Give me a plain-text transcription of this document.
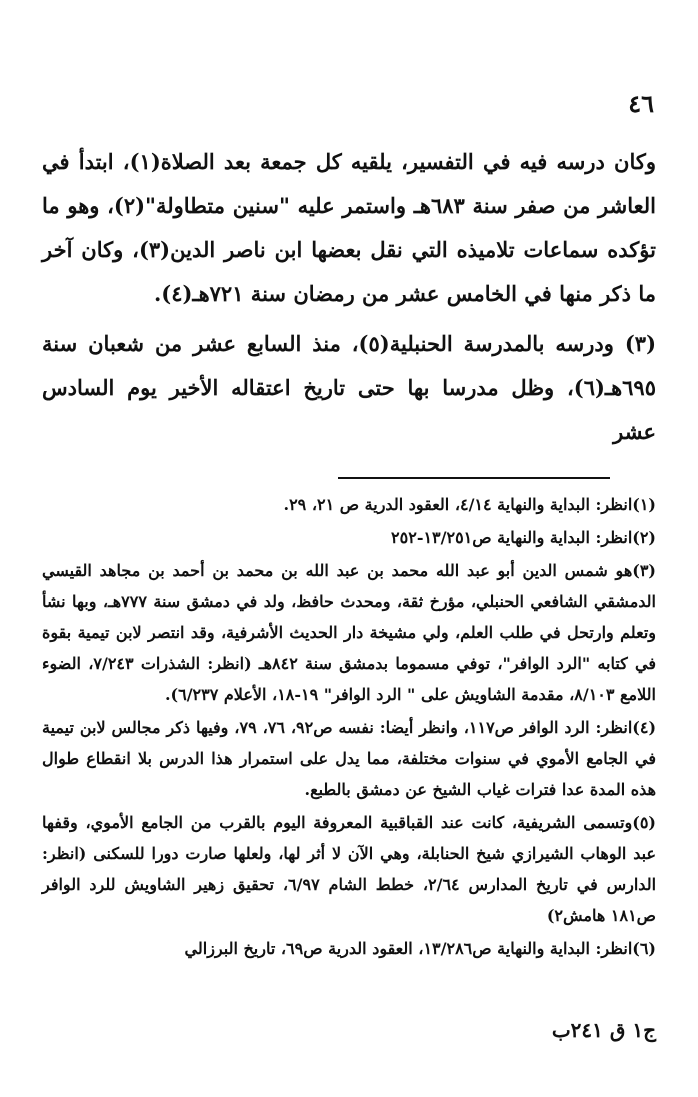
٤٦

وكان درسه فيه في التفسير، يلقيه كل جمعة بعد الصلاة(١)، ابتدأ في العاشر من صفر سنة ٦٨٣هـ واستمر عليه "سنين متطاولة"(٢)، وهو ما تؤكده سماعات تلاميذه التي نقل بعضها ابن ناصر الدين(٣)، وكان آخر ما ذكر منها في الخامس عشر من رمضان سنة ٧٢١هـ(٤).

(٣) ودرسه بالمدرسة الحنبلية(٥)، منذ السابع عشر من شعبان سنة ٦٩٥هـ(٦)، وظل مدرسا بها حتى تاريخ اعتقاله الأخير يوم السادس عشر

(١)انظر: البداية والنهاية ٤/١٤، العقود الدرية ص ٢١، ٢٩.

(٢)انظر: البداية والنهاية ص١٣/٢٥١-٢٥٢

(٣)هو شمس الدين أبو عبد الله محمد بن عبد الله بن محمد بن أحمد بن مجاهد القيسي الدمشقي الشافعي الحنبلي، مؤرخ ثقة، ومحدث حافظ، ولد في دمشق سنة ٧٧٧هـ، وبها نشأ وتعلم وارتحل في طلب العلم، ولي مشيخة دار الحديث الأشرفية، وقد انتصر لابن تيمية بقوة في كتابه "الرد الوافر"، توفي مسموما بدمشق سنة ٨٤٢هـ (انظر: الشذرات ٧/٢٤٣، الضوء اللامع ٨/١٠٣، مقدمة الشاويش على " الرد الوافر" ١٩-١٨، الأعلام ٦/٢٣٧).

(٤)انظر: الرد الوافر ص١١٧، وانظر أيضا: نفسه ص٩٢، ٧٦، ٧٩، وفيها ذكر مجالس لابن تيمية في الجامع الأموي في سنوات مختلفة، مما يدل على استمرار هذا الدرس بلا انقطاع طوال هذه المدة عدا فترات غياب الشيخ عن دمشق بالطبع.

(٥)وتسمى الشريفية، كانت عند القباقبية المعروفة اليوم بالقرب من الجامع الأموي، وقفها عبد الوهاب الشيرازي شيخ الحنابلة، وهي الآن لا أثر لها، ولعلها صارت دورا للسكنى (انظر: الدارس في تاريخ المدارس ٢/٦٤، خطط الشام ٦/٩٧، تحقيق زهير الشاويش للرد الوافر ص١٨١ هامش٢)

(٦)انظر: البداية والنهاية ص١٣/٢٨٦، العقود الدرية ص٦٩، تاريخ البرزالي

ج١ ق ٢٤١ب
